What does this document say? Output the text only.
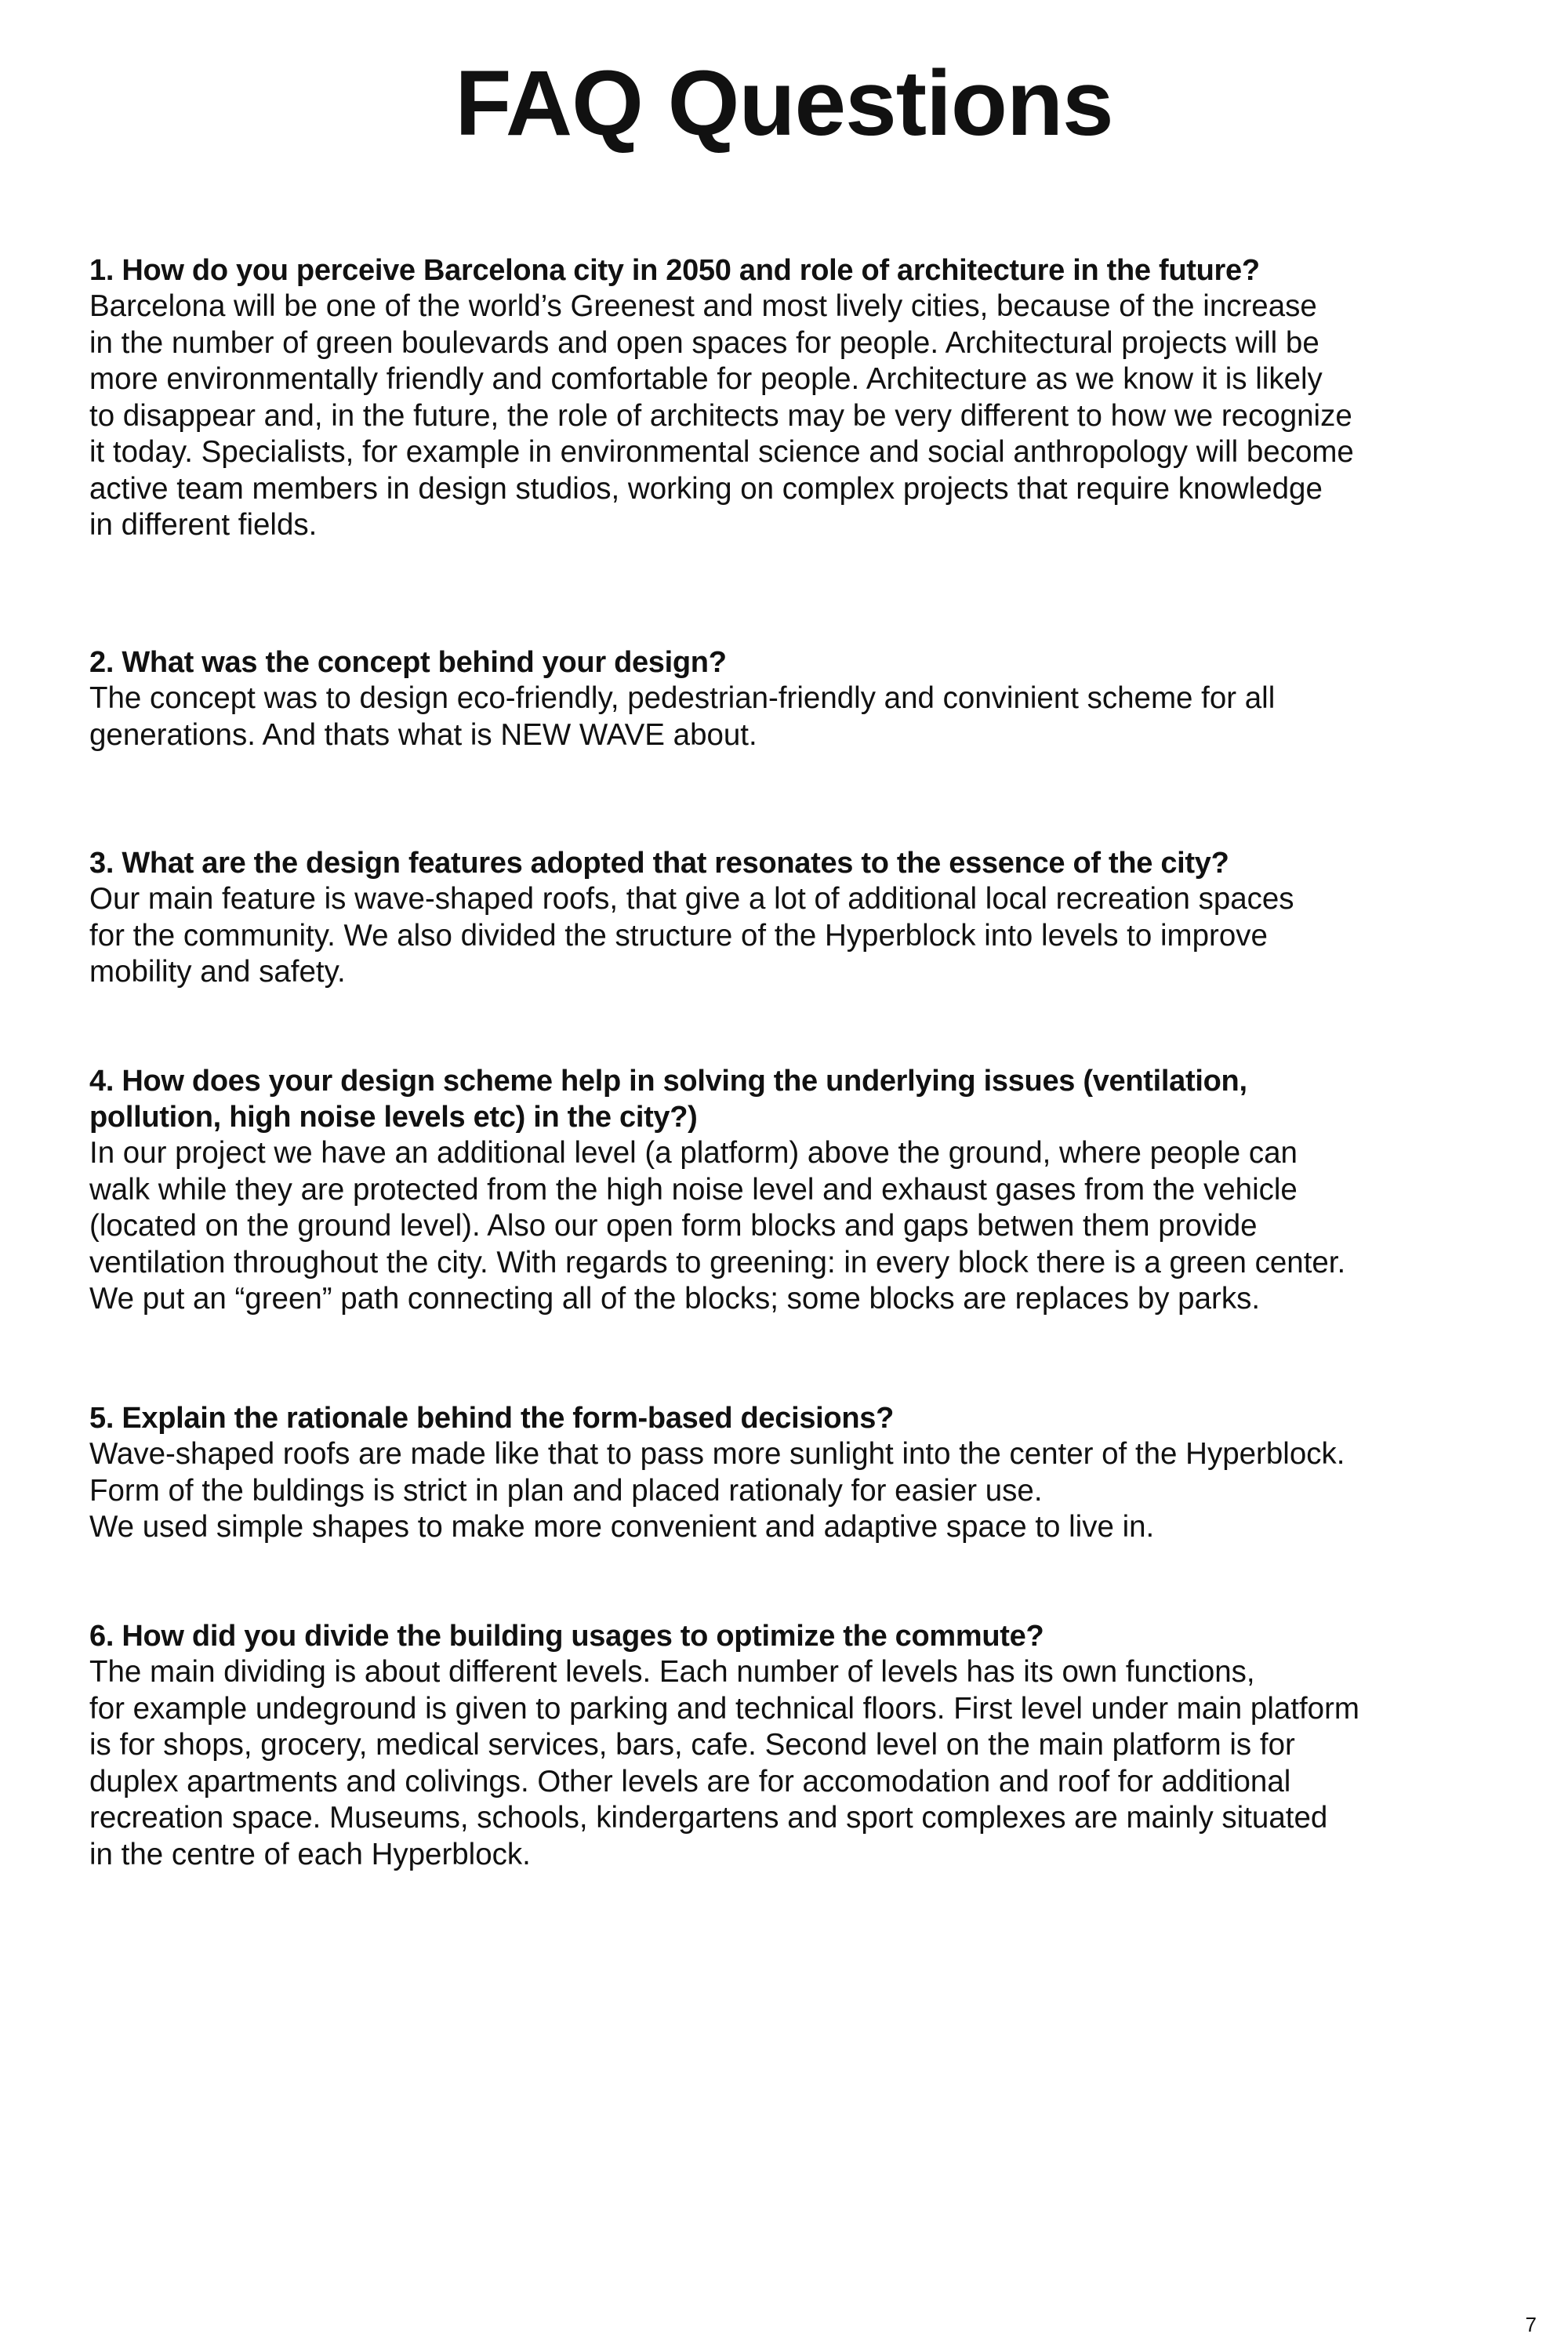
FAQ Questions
1. How do you perceive Barcelona city in 2050 and role of architecture in the future?

Barcelona will be one of the world’s Greenest and most lively cities, because of the increase
in the number of green boulevards and open spaces for people. Architectural projects will be
more environmentally friendly and comfortable for people. Architecture as we know it is likely
to disappear and, in the future, the role of architects may be very different to how we recognize
it today. Specialists, for example in environmental science and social anthropology will become
active team members in design studios, working on complex projects that require knowledge
in different fields.

2. What was the concept behind your design?

The concept was to design eco-friendly, pedestrian-friendly and convinient scheme for all
generations. And thats what is NEW WAVE about.

3. What are the design features adopted that resonates to the essence of the city?

Our main feature is wave-shaped roofs, that give a lot of additional local recreation spaces
for the community. We also divided the structure of the Hyperblock into levels to improve
mobility and safety.

4. How does your design scheme help in solving the underlying issues (ventilation,
pollution, high noise levels etc) in the city?)

In our project we have an additional level (a platform) above the ground, where people can
walk while they are protected from the high noise level and exhaust gases from the vehicle
(located on the ground level). Also our open form blocks and gaps betwen them provide
ventilation throughout the city. With regards to greening: in every block there is a green center.
We put an “green” path connecting all of the blocks; some blocks are replaces by parks.

5. Explain the rationale behind the form-based decisions?

Wave-shaped roofs are made like that to pass more sunlight into the center of the Hyperblock.
Form of the buldings is strict in plan and placed rationaly for easier use.
We used simple shapes to make more convenient and adaptive space to live in.

6. How did you divide the building usages to optimize the commute?

The main dividing is about different levels. Each number of levels has its own functions,
for example undeground is given to parking and technical floors. First level under main platform
is for shops, grocery, medical services, bars, cafe. Second level on the main platform is for
duplex apartments and colivings. Other levels are for accomodation and roof for additional
recreation space. Museums, schools, kindergartens and sport complexes are mainly situated
in the centre of each Hyperblock.

7
